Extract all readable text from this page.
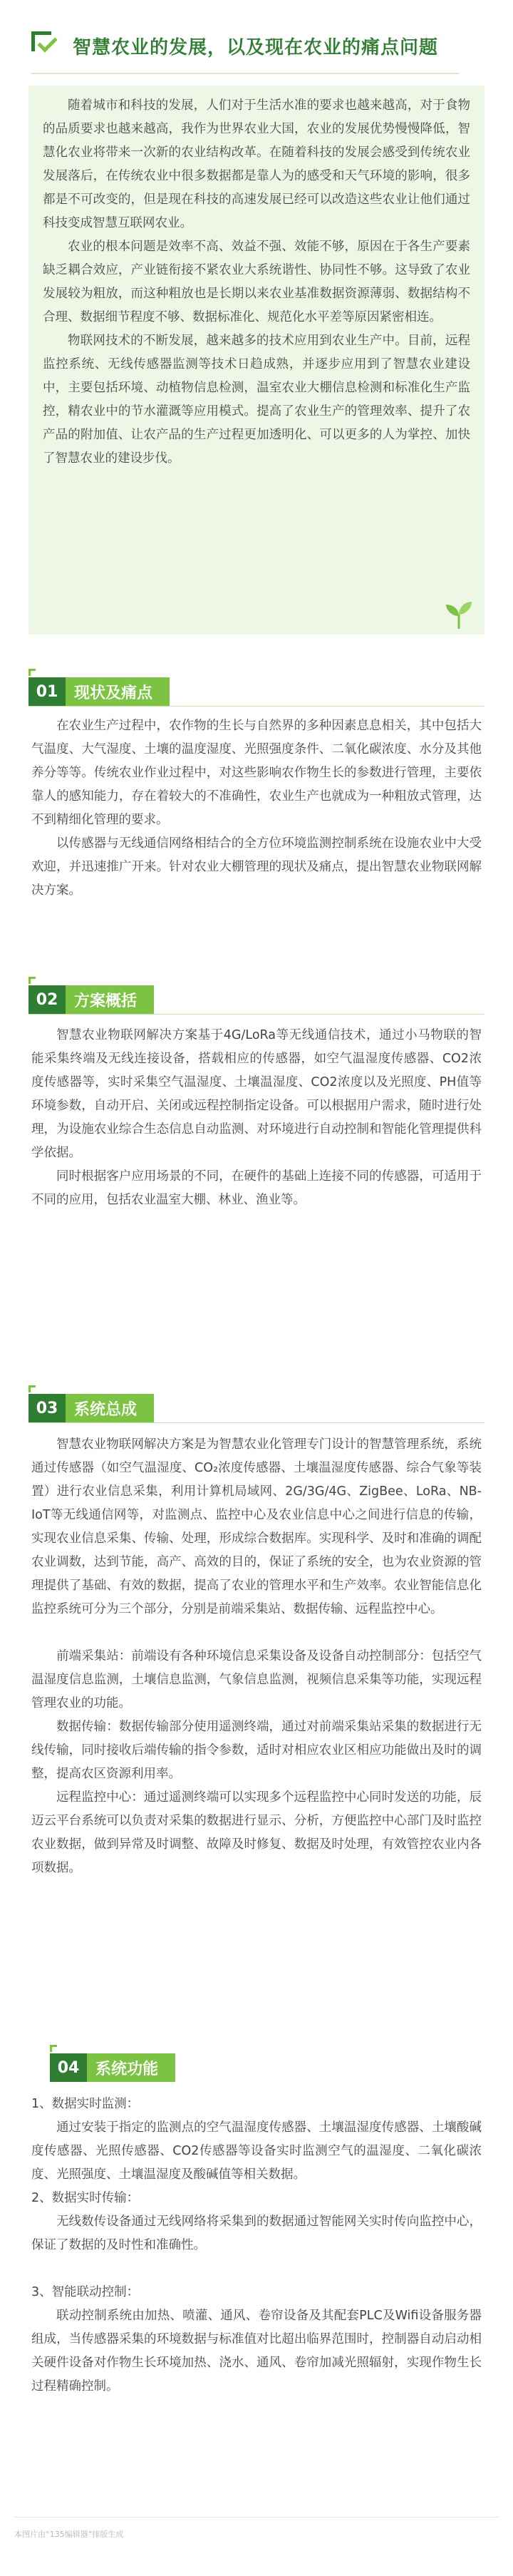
智慧农业的发展，以及现在农业的痛点问题

随着城市和科技的发展，人们对于生活水准的要求也越来越高，对于食物的品质要求也越来越高，我作为世界农业大国，农业的发展优势慢慢降低，智慧化农业将带来一次新的农业结构改革。在随着科技的发展会感受到传统农业发展落后，在传统农业中很多数据都是靠人为的感受和天气环境的影响，很多都是不可改变的，但是现在科技的高速发展已经可以改造这些农业让他们通过科技变成智慧互联网农业。

农业的根本问题是效率不高、效益不强、效能不够，原因在于各生产要素缺乏耦合效应，产业链衔接不紧农业大系统谐性、协同性不够。这导致了农业发展较为粗放，而这种粗放也是长期以来农业基准数据资源薄弱、数据结构不合理、数据细节程度不够、数据标准化、规范化水平差等原因紧密相连。

物联网技术的不断发展，越来越多的技术应用到农业生产中。目前，远程监控系统、无线传感器监测等技术日趋成熟，并逐步应用到了智慧农业建设中，主要包括环境、动植物信息检测，温室农业大棚信息检测和标准化生产监控，精农业中的节水灌溉等应用模式。提高了农业生产的管理效率、提升了农产品的附加值、让农产品的生产过程更加透明化、可以更多的人为掌控、加快了智慧农业的建设步伐。

01	现状及痛点

在农业生产过程中，农作物的生长与自然界的多种因素息息相关，其中包括大气温度、大气湿度、土壤的温度湿度、光照强度条件、二氧化碳浓度、水分及其他养分等等。传统农业作业过程中，对这些影响农作物生长的参数进行管理，主要依靠人的感知能力，存在着较大的不准确性，农业生产也就成为一种粗放式管理，达不到精细化管理的要求。

以传感器与无线通信网络相结合的全方位环境监测控制系统在设施农业中大受欢迎，并迅速推广开来。针对农业大棚管理的现状及痛点，提出智慧农业物联网解决方案。

02	方案概括

智慧农业物联网解决方案基于4G/LoRa等无线通信技术，通过小马物联的智能采集终端及无线连接设备，搭载相应的传感器，如空气温湿度传感器、CO2浓度传感器等，实时采集空气温湿度、土壤温湿度、CO2浓度以及光照度、PH值等环境参数，自动开启、关闭或远程控制指定设备。可以根据用户需求，随时进行处理，为设施农业综合生态信息自动监测、对环境进行自动控制和智能化管理提供科学依据。

同时根据客户应用场景的不同，在硬件的基础上连接不同的传感器，可适用于不同的应用，包括农业温室大棚、林业、渔业等。

03	系统总成

智慧农业物联网解决方案是为智慧农业化管理专门设计的智慧管理系统，系统通过传感器（如空气温湿度、CO₂浓度传感器、土壤温湿度传感器、综合气象等装置）进行农业信息采集，利用计算机局域网、2G/3G/4G、ZigBee、LoRa、NB-IoT等无线通信网等，对监测点、监控中心及农业信息中心之间进行信息的传输，实现农业信息采集、传输、处理，形成综合数据库。实现科学、及时和准确的调配农业调数，达到节能，高产、高效的目的，保证了系统的安全，也为农业资源的管理提供了基础、有效的数据，提高了农业的管理水平和生产效率。农业智能信息化监控系统可分为三个部分，分别是前端采集站、数据传输、远程监控中心。

前端采集站：前端设有各种环境信息采集设备及设备自动控制部分：包括空气温湿度信息监测，土壤信息监测，气象信息监测，视频信息采集等功能，实现远程管理农业的功能。

数据传输：数据传输部分使用遥测终端，通过对前端采集站采集的数据进行无线传输，同时接收后端传输的指令参数，适时对相应农业区相应功能做出及时的调整，提高农区资源利用率。

远程监控中心：通过遥测终端可以实现多个远程监控中心同时发送的功能，辰迈云平台系统可以负责对采集的数据进行显示、分析，方便监控中心部门及时监控农业数据，做到异常及时调整、故障及时修复、数据及时处理，有效管控农业内各项数据。

04	系统功能

1、数据实时监测：

通过安装于指定的监测点的空气温湿度传感器、土壤温湿度传感器、土壤酸碱度传感器、光照传感器、CO2传感器等设备实时监测空气的温湿度、二氧化碳浓度、光照强度、土壤温湿度及酸碱值等相关数据。

2、数据实时传输：

无线数传设备通过无线网络将采集到的数据通过智能网关实时传向监控中心，保证了数据的及时性和准确性。

3、智能联动控制：

联动控制系统由加热、喷灌、通风、卷帘设备及其配套PLC及Wifi设备服务器组成，当传感器采集的环境数据与标准值对比超出临界范围时，控制器自动启动相关硬件设备对作物生长环境加热、浇水、通风、卷帘加减光照辐射，实现作物生长过程精确控制。

本图片由“135编辑器”排版生成
